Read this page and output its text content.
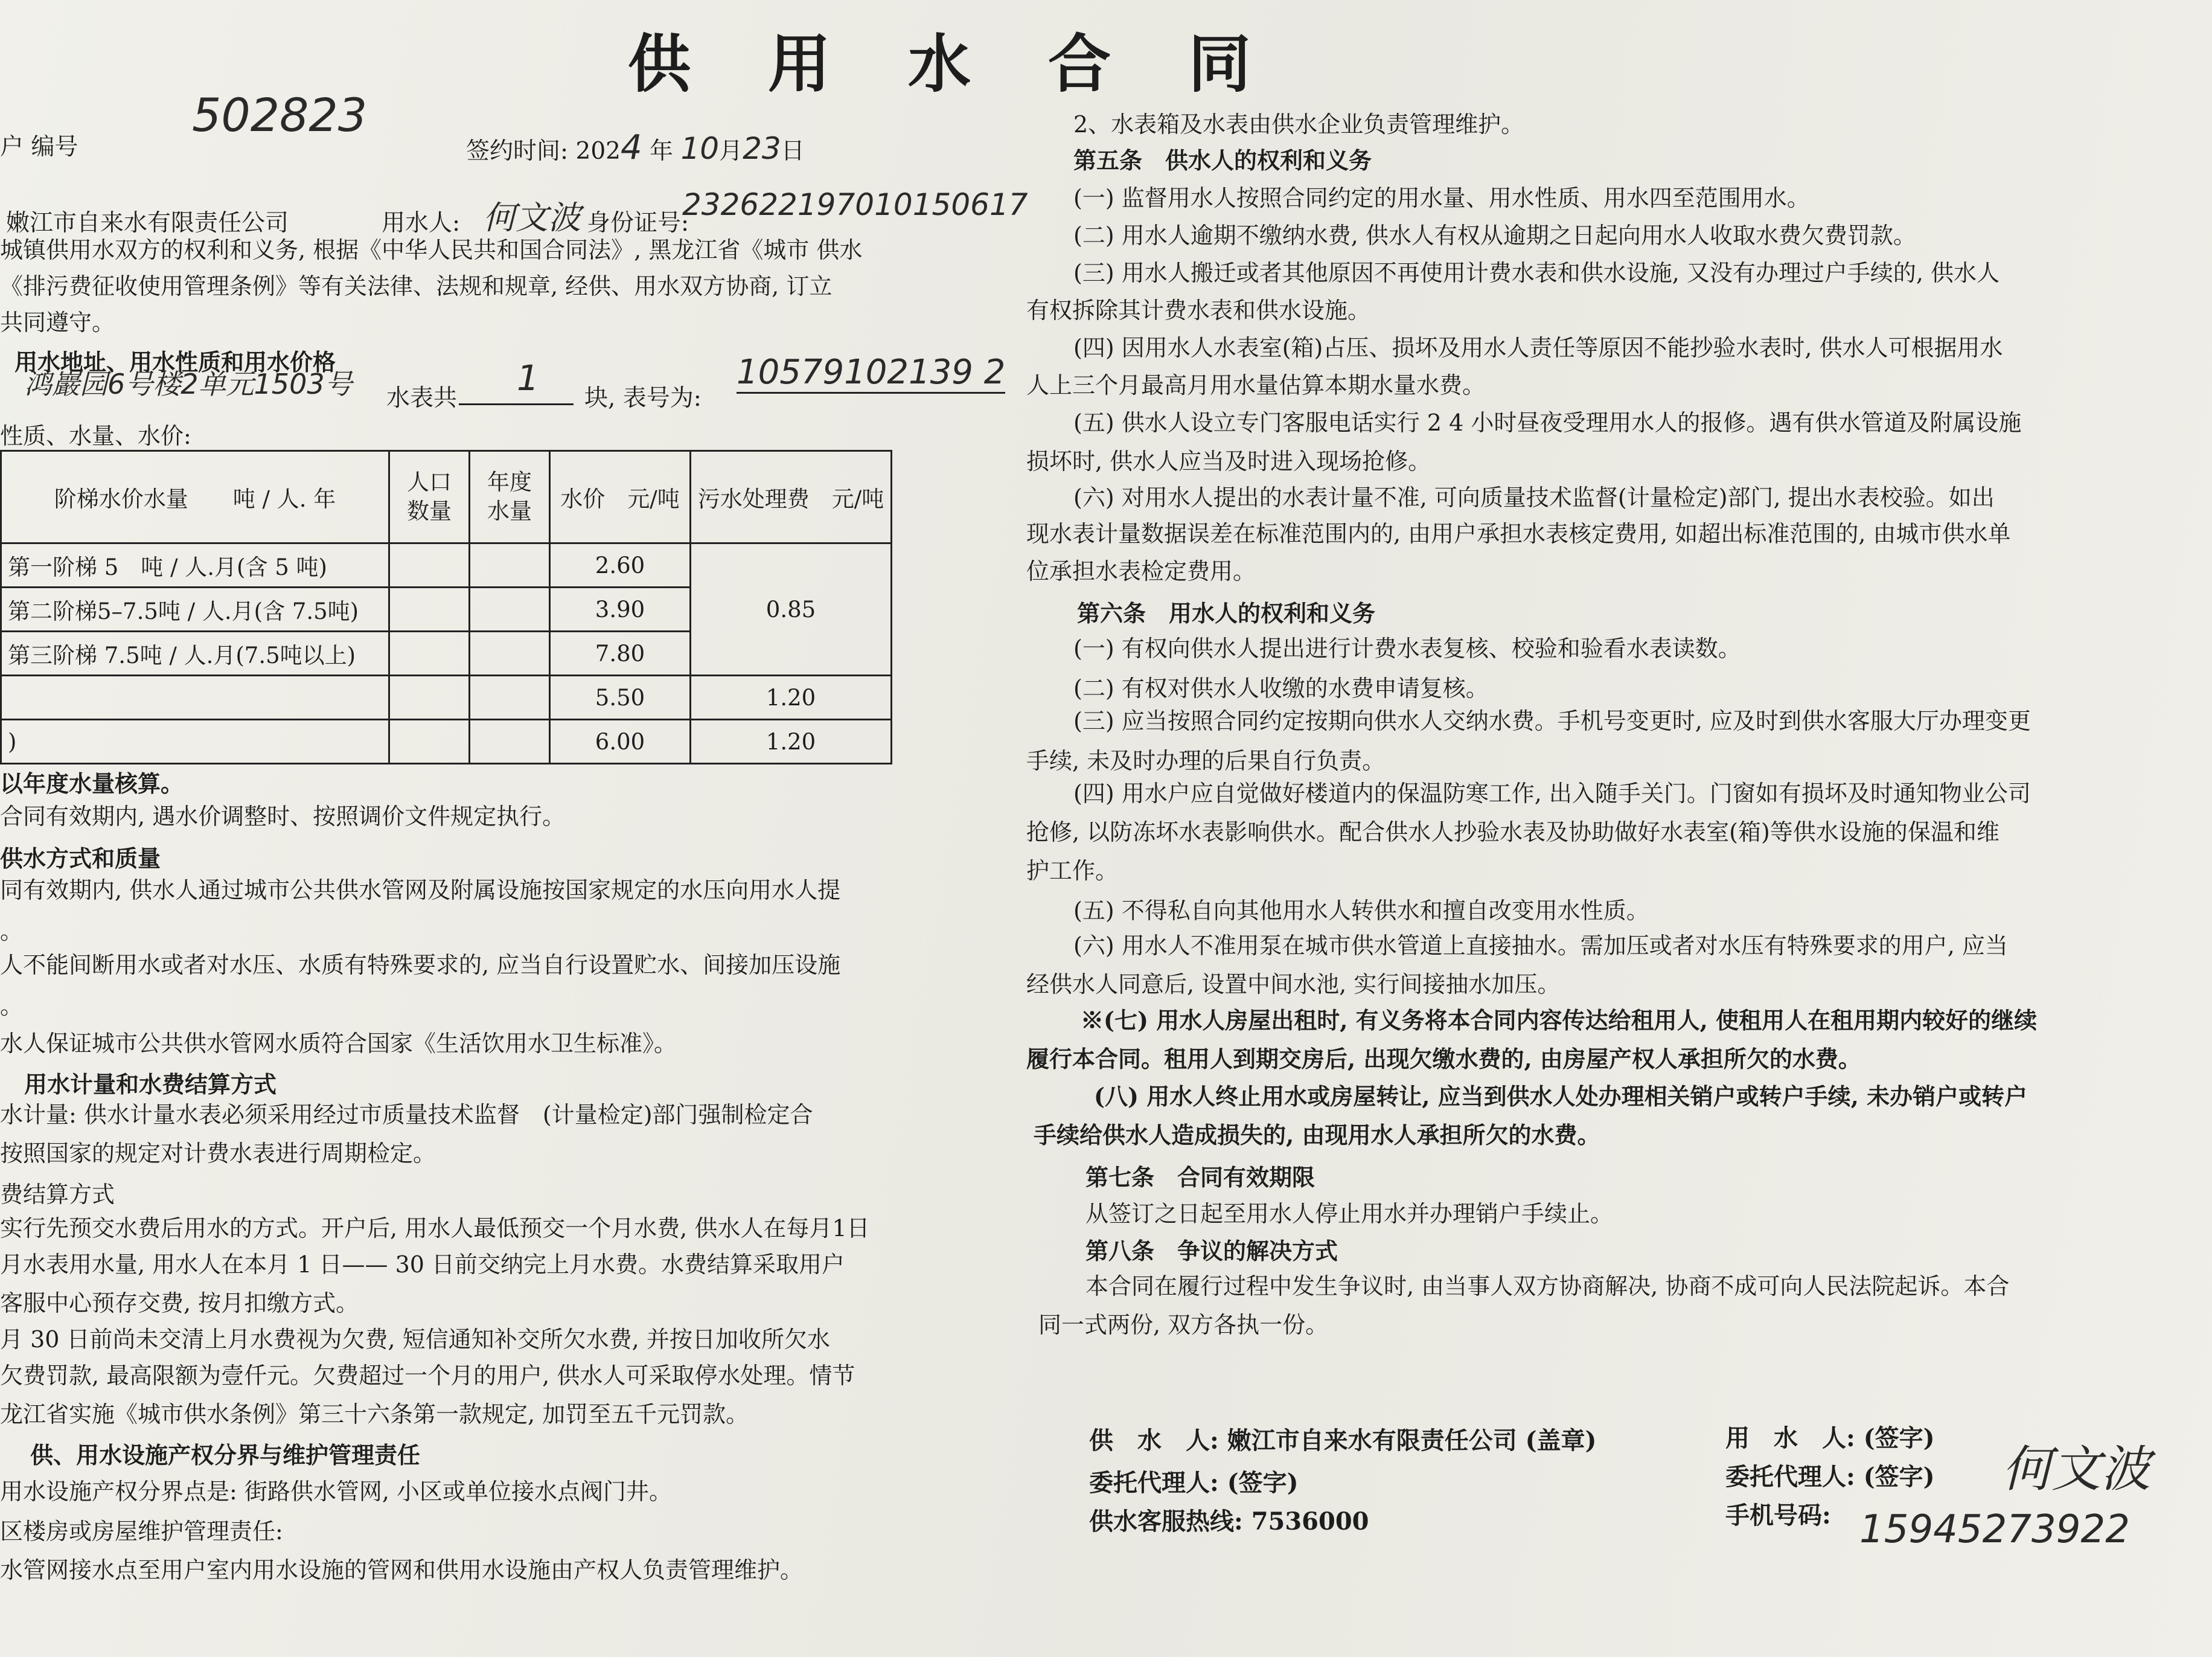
供 用 水 合 同
户 编号
502823
签约时间: 2024 年 10月23日
嫩江市自来水有限责任公司	用水人: 何文波 身份证号:
232622197010150617
城镇供用水双方的权利和义务, 根据《中华人民共和国合同法》, 黑龙江省《城市 供水
《排污费征收使用管理条例》等有关法律、法规和规章, 经供、用水双方协商, 订立
共同遵守。
用水地址、用水性质和用水价格
鸿巖园6号楼2单元1503号 水表共 1 块, 表号为:
10579102139 2
性质、水量、水价:
阶梯水价水量　　吨 / 人. 年	人口数量	年度水量	水价　元/吨	污水处理费　元/吨
第一阶梯 5　吨 / 人.月(含 5 吨)			2.60	0.85
第二阶梯5–7.5吨 / 人.月(含 7.5吨)			3.90	
第三阶梯 7.5吨 / 人.月(7.5吨以上)			7.80	
			5.50	1.20
)			6.00	1.20
以年度水量核算。
合同有效期内, 遇水价调整时、按照调价文件规定执行。
供水方式和质量
同有效期内, 供水人通过城市公共供水管网及附属设施按国家规定的水压向用水人提
。
人不能间断用水或者对水压、水质有特殊要求的, 应当自行设置贮水、间接加压设施
。
水人保证城市公共供水管网水质符合国家《生活饮用水卫生标准》。
用水计量和水费结算方式
水计量: 供水计量水表必须采用经过市质量技术监督　(计量检定)部门强制检定合
按照国家的规定对计费水表进行周期检定。
费结算方式
实行先预交水费后用水的方式。开户后, 用水人最低预交一个月水费, 供水人在每月1日
月水表用水量, 用水人在本月 1 日—— 30 日前交纳完上月水费。水费结算采取用户
客服中心预存交费, 按月扣缴方式。
月 30 日前尚未交清上月水费视为欠费, 短信通知补交所欠水费, 并按日加收所欠水
欠费罚款, 最高限额为壹仟元。欠费超过一个月的用户, 供水人可采取停水处理。情节
龙江省实施《城市供水条例》第三十六条第一款规定, 加罚至五千元罚款。
供、用水设施产权分界与维护管理责任
用水设施产权分界点是: 街路供水管网, 小区或单位接水点阀门井。
区楼房或房屋维护管理责任:
水管网接水点至用户室内用水设施的管网和供用水设施由产权人负责管理维护。
2、水表箱及水表由供水企业负责管理维护。
第五条　供水人的权利和义务
(一) 监督用水人按照合同约定的用水量、用水性质、用水四至范围用水。
(二) 用水人逾期不缴纳水费, 供水人有权从逾期之日起向用水人收取水费欠费罚款。
(三) 用水人搬迁或者其他原因不再使用计费水表和供水设施, 又没有办理过户手续的, 供水人
有权拆除其计费水表和供水设施。
(四) 因用水人水表室(箱)占压、损坏及用水人责任等原因不能抄验水表时, 供水人可根据用水
人上三个月最高月用水量估算本期水量水费。
(五) 供水人设立专门客服电话实行 2 4 小时昼夜受理用水人的报修。遇有供水管道及附属设施
损坏时, 供水人应当及时进入现场抢修。
(六) 对用水人提出的水表计量不准, 可向质量技术监督(计量检定)部门, 提出水表校验。如出
现水表计量数据误差在标准范围内的, 由用户承担水表核定费用, 如超出标准范围的, 由城市供水单
位承担水表检定费用。
第六条　用水人的权利和义务
(一) 有权向供水人提出进行计费水表复核、校验和验看水表读数。
(二) 有权对供水人收缴的水费申请复核。
(三) 应当按照合同约定按期向供水人交纳水费。手机号变更时, 应及时到供水客服大厅办理变更
手续, 未及时办理的后果自行负责。
(四) 用水户应自觉做好楼道内的保温防寒工作, 出入随手关门。门窗如有损坏及时通知物业公司
抢修, 以防冻坏水表影响供水。配合供水人抄验水表及协助做好水表室(箱)等供水设施的保温和维
护工作。
(五) 不得私自向其他用水人转供水和擅自改变用水性质。
(六) 用水人不准用泵在城市供水管道上直接抽水。需加压或者对水压有特殊要求的用户, 应当
经供水人同意后, 设置中间水池, 实行间接抽水加压。
※(七) 用水人房屋出租时, 有义务将本合同内容传达给租用人, 使租用人在租用期内较好的继续
履行本合同。租用人到期交房后, 出现欠缴水费的, 由房屋产权人承担所欠的水费。
(八) 用水人终止用水或房屋转让, 应当到供水人处办理相关销户或转户手续, 未办销户或转户
手续给供水人造成损失的, 由现用水人承担所欠的水费。
第七条　合同有效期限
从签订之日起至用水人停止用水并办理销户手续止。
第八条　争议的解决方式
本合同在履行过程中发生争议时, 由当事人双方协商解决, 协商不成可向人民法院起诉。本合
同一式两份, 双方各执一份。
供　水　人: 嫩江市自来水有限责任公司 (盖章)
委托代理人: (签字)
供水客服热线: 7536000
用　水　人: (签字)
委托代理人: (签字)
手机号码:
何文波
15945273922
